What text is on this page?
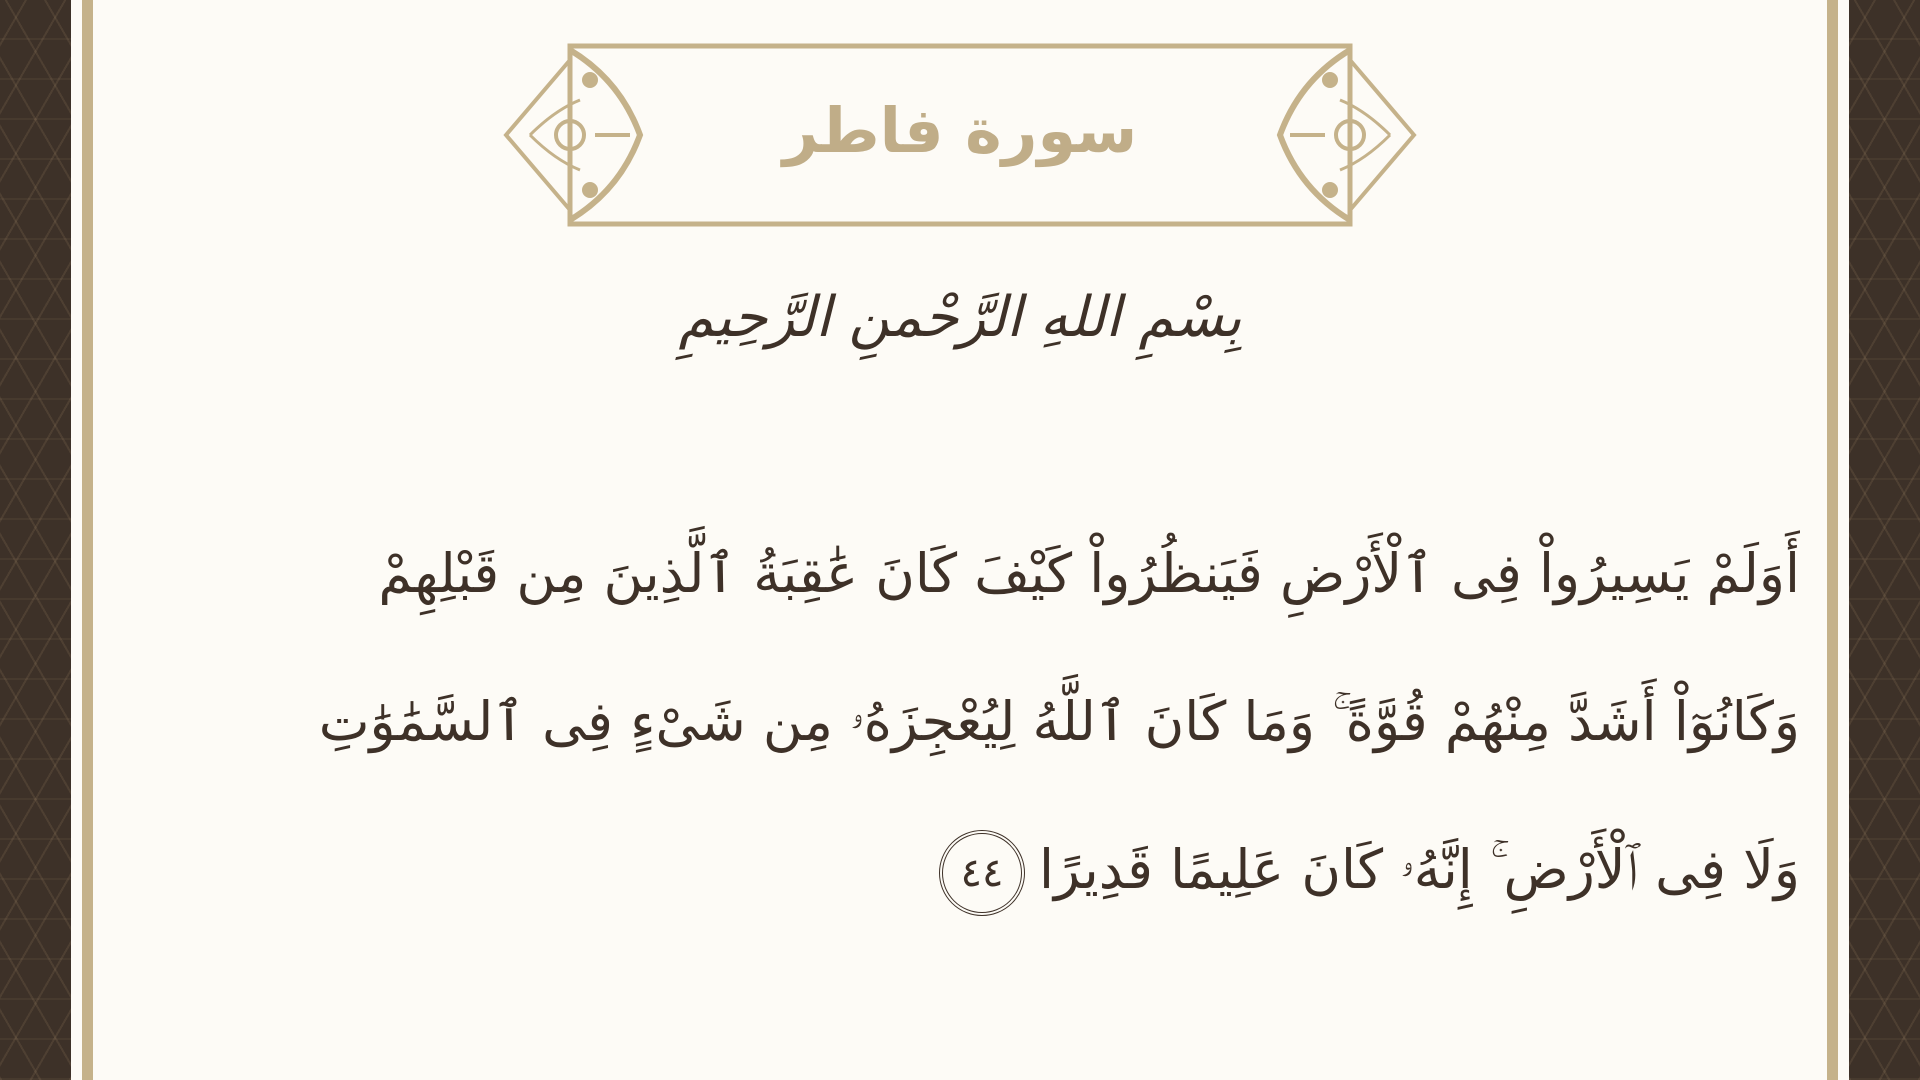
سورة فاطر
بِسْمِ اللهِ الرَّحْمنِ الرَّحِيمِ
أَوَلَمْ يَسِيرُواْ فِى ٱلْأَرْضِ فَيَنظُرُواْ كَيْفَ كَانَ عَٰقِبَةُ ٱلَّذِينَ مِن قَبْلِهِمْ
وَكَانُوٓاْ أَشَدَّ مِنْهُمْ قُوَّةً ۚ وَمَا كَانَ ٱللَّهُ لِيُعْجِزَهُۥ مِن شَىْءٍ فِى ٱلسَّمَٰوَٰتِ
وَلَا فِى ٱلْأَرْضِ ۚ إِنَّهُۥ كَانَ عَلِيمًا قَدِيرًا٤٤
